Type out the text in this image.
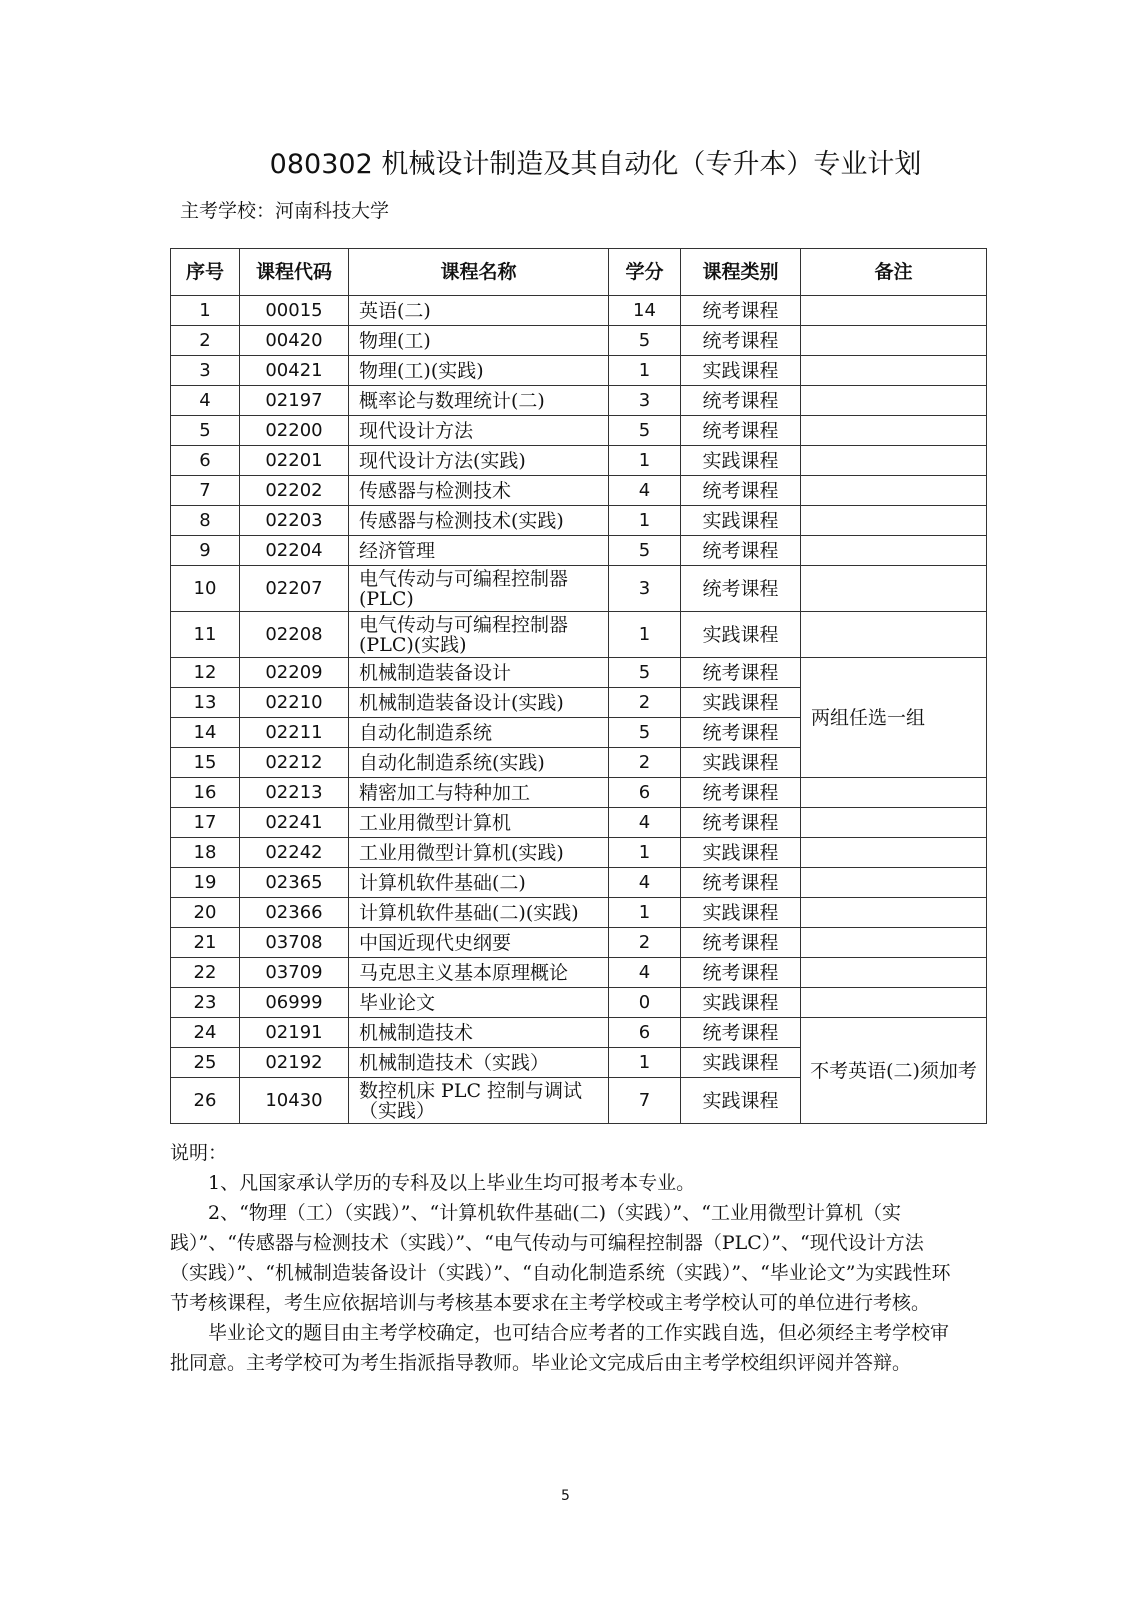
080302 机械设计制造及其自动化（专升本）专业计划
主考学校：河南科技大学
序号	课程代码	课程名称	学分	课程类别	备注
1	00015	英语(二)	14	统考课程	
2	00420	物理(工)	5	统考课程	
3	00421	物理(工)(实践)	1	实践课程	
4	02197	概率论与数理统计(二)	3	统考课程	
5	02200	现代设计方法	5	统考课程	
6	02201	现代设计方法(实践)	1	实践课程	
7	02202	传感器与检测技术	4	统考课程	
8	02203	传感器与检测技术(实践)	1	实践课程	
9	02204	经济管理	5	统考课程	
10	02207	电气传动与可编程控制器(PLC)	3	统考课程	
11	02208	电气传动与可编程控制器(PLC)(实践)	1	实践课程	
12	02209	机械制造装备设计	5	统考课程	两组任选一组
13	02210	机械制造装备设计(实践)	2	实践课程	
14	02211	自动化制造系统	5	统考课程	
15	02212	自动化制造系统(实践)	2	实践课程	
16	02213	精密加工与特种加工	6	统考课程	
17	02241	工业用微型计算机	4	统考课程	
18	02242	工业用微型计算机(实践)	1	实践课程	
19	02365	计算机软件基础(二)	4	统考课程	
20	02366	计算机软件基础(二)(实践)	1	实践课程	
21	03708	中国近现代史纲要	2	统考课程	
22	03709	马克思主义基本原理概论	4	统考课程	
23	06999	毕业论文	0	实践课程	
24	02191	机械制造技术	6	统考课程	不考英语(二)须加考
25	02192	机械制造技术（实践）	1	实践课程	
26	10430	数控机床 PLC 控制与调试（实践）	7	实践课程	

说明：

1、凡国家承认学历的专科及以上毕业生均可报考本专业。

2、“物理（工）（实践）”、“计算机软件基础(二)（实践）”、“工业用微型计算机（实践）”、“传感器与检测技术（实践）”、“电气传动与可编程控制器（PLC）”、“现代设计方法（实践）”、“机械制造装备设计（实践）”、“自动化制造系统（实践）”、“毕业论文”为实践性环节考核课程，考生应依据培训与考核基本要求在主考学校或主考学校认可的单位进行考核。

毕业论文的题目由主考学校确定，也可结合应考者的工作实践自选，但必须经主考学校审批同意。主考学校可为考生指派指导教师。毕业论文完成后由主考学校组织评阅并答辩。

5
